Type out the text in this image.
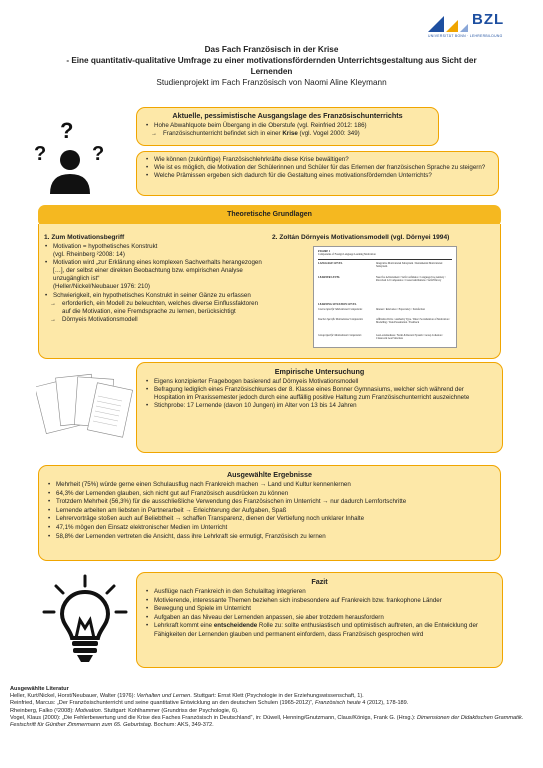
BZL
UNIVERSITÄT BONN · LEHRERBILDUNG
Das Fach Französisch in der Krise
- Eine quantitativ-qualitative Umfrage zu einer motivationsfördernden Unterrichtsgestaltung aus Sicht der
Lernenden
Studienprojekt im Fach Französisch von Naomi Aline Kleymann
?
? ?
Aktuelle, pessimistische Ausgangslage des Französischunterrichts
• Hohe Abwahlquote beim Übergang in die Oberstufe (vgl. Reinfried 2012: 186)
→ Französischunterricht befindet sich in einer Krise (vgl. Vogel 2000: 349)
• Wie können (zukünftige) Französischlehrkräfte diese Krise bewältigen?
• Wie ist es möglich, die Motivation der Schülerinnen und Schüler für das Erlernen der französischen Sprache zu steigern?
• Welche Prämissen ergeben sich dadurch für die Gestaltung eines motivationsfördernden Unterrichts?
Theoretische Grundlagen
1. Zum Motivationsbegriff
• Motivation = hypothetisches Konstrukt
(vgl. Rheinberg ²2008: 14)
• Motivation wird „zur Erklärung eines komplexen Sachverhalts herangezogen […], der selbst einer direkten Beobachtung bzw. empirischen Analyse unzugänglich ist“
(Heller/Nickel/Neubauer 1976: 210)
• Schwierigkeit, ein hypothetisches Konstrukt in seiner Gänze zu erfassen
→ erforderlich, ein Modell zu beleuchten, welches diverse Einflussfaktoren auf die Motivation, eine Fremdsprache zu lernen, berücksichtigt
→ Dörnyeis Motivationsmodell
2. Zoltán Dörnyeis Motivationsmodell (vgl. Dörnyei 1994)
FIGURE 1
Components of Foreign Language Learning Motivation
LANGUAGE LEVEL	Integrative Motivational Subsystem / Instrumental Motivational Subsystem
LEARNER LEVEL	Need for Achievement / Self-Confidence / Language Use Anxiety / Perceived L2 Competence / Causal Attributions / Self-Efficacy
LEARNING SITUATION LEVEL
Course-Specific Motivational Components	Interest / Relevance / Expectancy / Satisfaction
Teacher-Specific Motivational Components	Affiliative Drive / Authority Type / Direct Socialization of Motivation / Modelling / Task Presentation / Feedback
Group-Specific Motivational Components	Goal-orientedness / Norm & Reward System / Group Cohesion / Classroom Goal Structure
Empirische Untersuchung
• Eigens konzipierter Fragebogen basierend auf Dörnyeis Motivationsmodell
• Befragung lediglich eines Französischkurses der 8. Klasse eines Bonner Gymnasiums, welcher sich während der Hospitation im Praxissemester jedoch durch eine auffällig positive Haltung zum Französischunterricht auszeichnete
• Stichprobe: 17 Lernende (davon 10 Jungen) im Alter von 13 bis 14 Jahren
Ausgewählte Ergebnisse
• Mehrheit (75%) würde gerne einen Schulausflug nach Frankreich machen → Land und Kultur kennenlernen
• 64,3% der Lernenden glauben, sich nicht gut auf Französisch ausdrücken zu können
• Trotzdem Mehrheit (56,3%) für die ausschließliche Verwendung des Französischen im Unterricht → nur dadurch Lernfortschritte
• Lernende arbeiten am liebsten in Partnerarbeit → Erleichterung der Aufgaben, Spaß
• Lehrervorträge stoßen auch auf Beliebtheit → schaffen Transparenz, dienen der Vertiefung noch unklarer Inhalte
• 47,1% mögen den Einsatz elektronischer Medien im Unterricht
• 58,8% der Lernenden vertreten die Ansicht, dass ihre Lehrkraft sie ermutigt, Französisch zu lernen
Fazit
• Ausflüge nach Frankreich in den Schulalltag integrieren
• Motivierende, interessante Themen beziehen sich insbesondere auf Frankreich bzw. frankophone Länder
• Bewegung und Spiele im Unterricht
• Aufgaben an das Niveau der Lernenden anpassen, sie aber trotzdem herausfordern
• Lehrkraft kommt eine entscheidende Rolle zu: sollte enthusiastisch und optimistisch auftreten, an die Entwicklung der Fähigkeiten der Lernenden glauben und permanent einfordern, dass Französisch gesprochen wird
Ausgewählte Literatur
Heller, Kurt/Nickel, Horst/Neubauer, Walter (1976): Verhalten und Lernen. Stuttgart: Ernst Klett (Psychologie in der Erziehungswissenschaft, 1).
Reinfried, Marcus: „Der Französischunterricht und seine quantitative Entwicklung an den deutschen Schulen (1965-2012)“, Französisch heute 4 (2012), 178-189.
Rheinberg, Falko (²2008): Motivation. Stuttgart: Kohlhammer (Grundriss der Psychologie, 6).
Vogel, Klaus (2000): „Die Fehlerbewertung und die Krise des Faches Französisch in Deutschland“, in: Düwell, Henning/Gnutzmann, Claus/Königs, Frank G. (Hrsg.): Dimensionen der Didaktischen Grammatik. Festschrift für Günther Zimmermann zum 65. Geburtstag. Bochum: AKS, 349-372.
